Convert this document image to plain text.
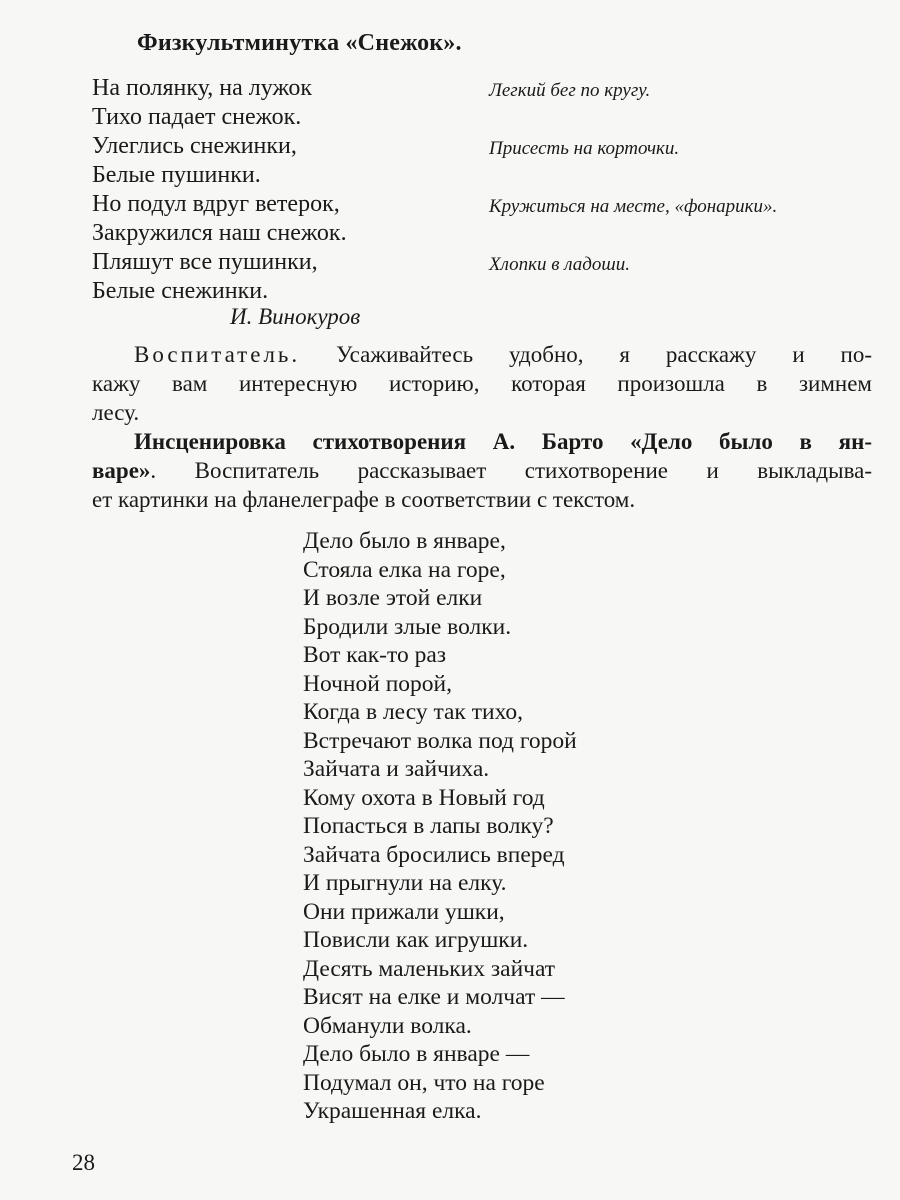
Физкультминутка «Снежок».
На полянку, на лужок	Легкий бег по кругу.
Тихо падает снежок.
Улеглись снежинки,	Присесть на корточки.
Белые пушинки.
Но подул вдруг ветерок,	Кружиться на месте, «фонарики».
Закружился наш снежок.
Пляшут все пушинки,	Хлопки в ладоши.
Белые снежинки.
И. Винокуров
Воспитатель. Усаживайтесь удобно, я расскажу и по-
кажу вам интересную историю, которая произошла в зимнем
лесу.
Инсценировка стихотворения А. Барто «Дело было в ян-
варе». Воспитатель рассказывает стихотворение и выкладыва-
ет картинки на фланелеграфе в соответствии с текстом.
Дело было в январе,
Стояла елка на горе,
И возле этой елки
Бродили злые волки.
Вот как-то раз
Ночной порой,
Когда в лесу так тихо,
Встречают волка под горой
Зайчата и зайчиха.
Кому охота в Новый год
Попасться в лапы волку?
Зайчата бросились вперед
И прыгнули на елку.
Они прижали ушки,
Повисли как игрушки.
Десять маленьких зайчат
Висят на елке и молчат —
Обманули волка.
Дело было в январе —
Подумал он, что на горе
Украшенная елка.
28
